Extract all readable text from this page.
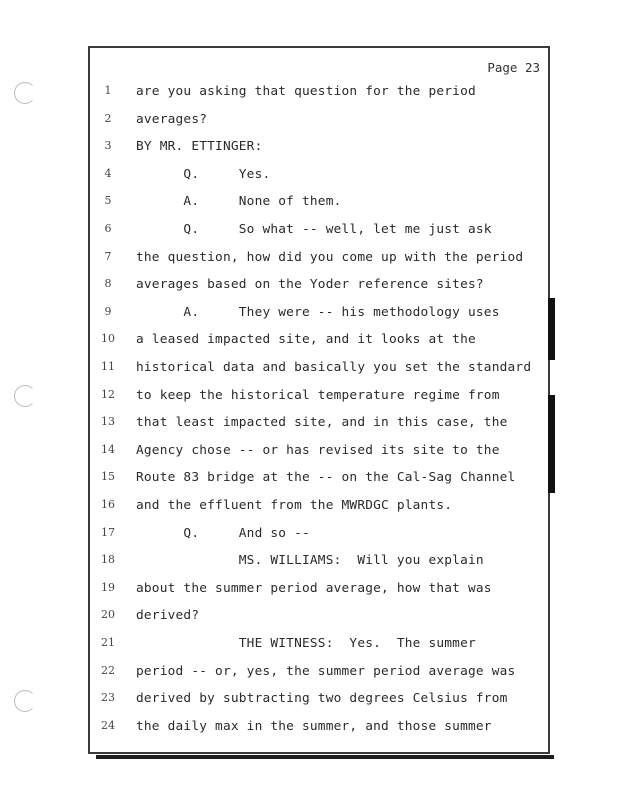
Page 23
1	are you asking that question for the period
2	averages?
3	BY MR. ETTINGER:
4	Q.     Yes.
5	A.     None of them.
6	Q.     So what -- well, let me just ask
7	the question, how did you come up with the period
8	averages based on the Yoder reference sites?
9	A.     They were -- his methodology uses
10	a leased impacted site, and it looks at the
11	historical data and basically you set the standard
12	to keep the historical temperature regime from
13	that least impacted site, and in this case, the
14	Agency chose -- or has revised its site to the
15	Route 83 bridge at the -- on the Cal-Sag Channel
16	and the effluent from the MWRDGC plants.
17	Q.     And so --
18	MS. WILLIAMS:  Will you explain
19	about the summer period average, how that was
20	derived?
21	THE WITNESS:  Yes.  The summer
22	period -- or, yes, the summer period average was
23	derived by subtracting two degrees Celsius from
24	the daily max in the summer, and those summer
